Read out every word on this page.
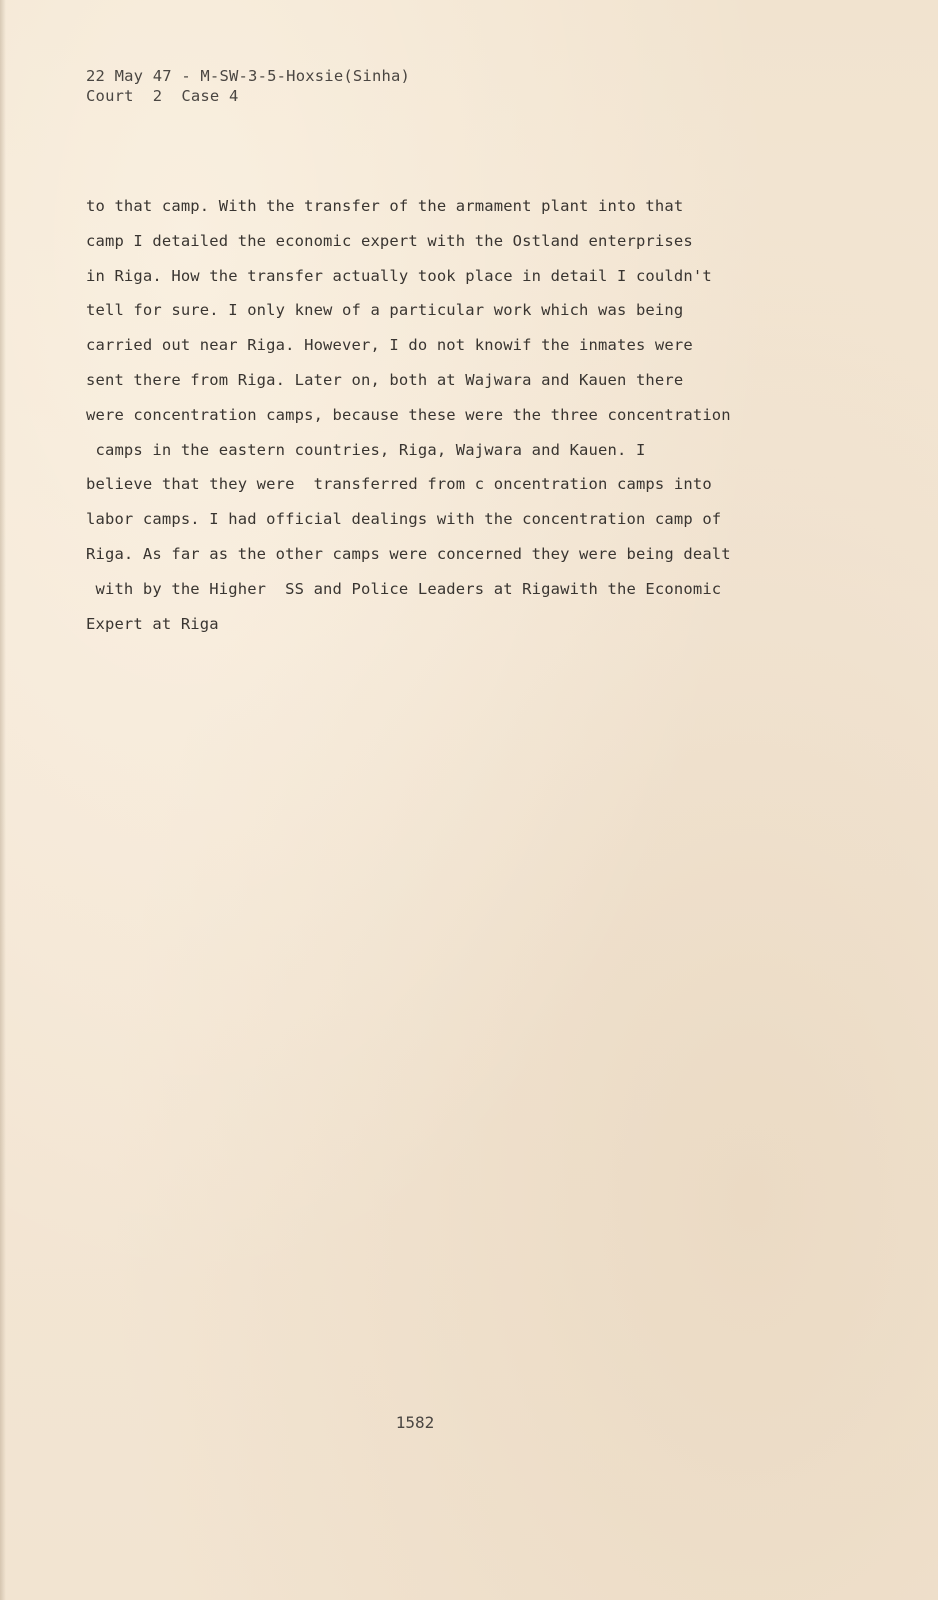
22 May 47 - M-SW-3-5-Hoxsie(Sinha)
Court  2  Case 4
to that camp. With the transfer of the armament plant into that
camp I detailed the economic expert with the Ostland enterprises
in Riga. How the transfer actually took place in detail I couldn't
tell for sure. I only knew of a particular work which was being
carried out near Riga. However, I do not knowif the inmates were
sent there from Riga. Later on, both at Wajwara and Kauen there
were concentration camps, because these were the three concentration
camps in the eastern countries, Riga, Wajwara and Kauen. I
believe that they were  transferred from c oncentration camps into
labor camps. I had official dealings with the concentration camp of
Riga. As far as the other camps were concerned they were being dealt
with by the Higher  SS and Police Leaders at Rigawith the Economic
Expert at Riga
1582
